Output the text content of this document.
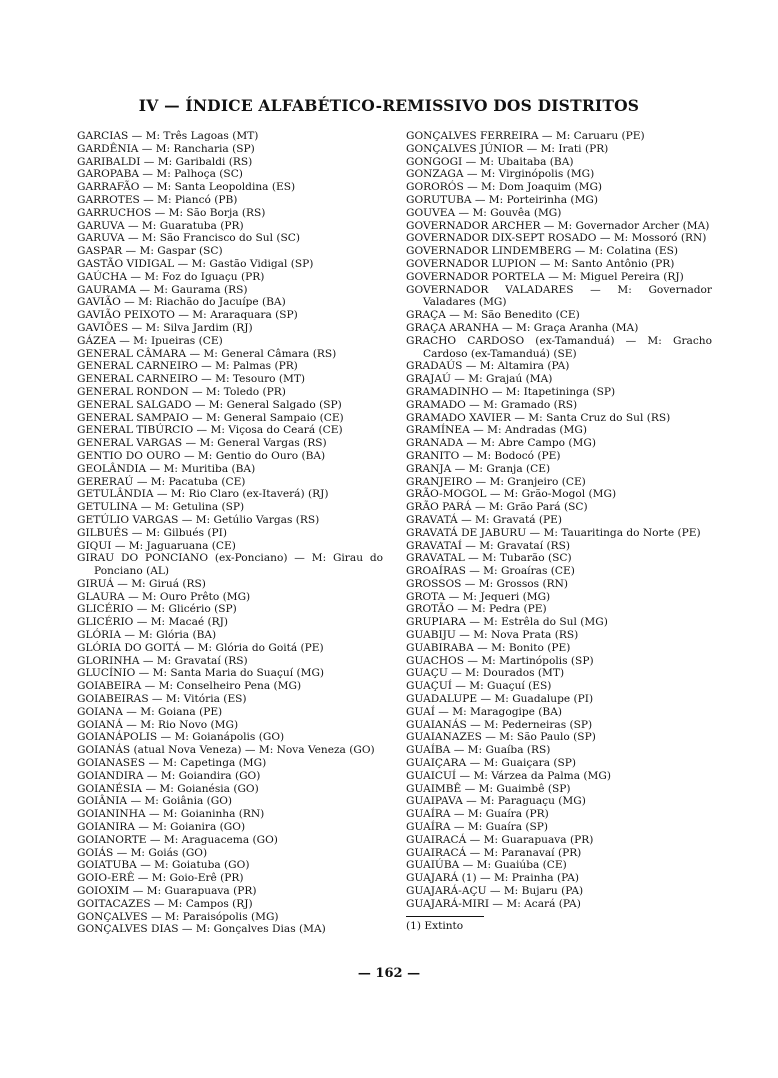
IV — ÍNDICE ALFABÉTICO-REMISSIVO DOS DISTRITOS
GARCIAS — M: Três Lagoas (MT)
GARDÊNIA — M: Rancharia (SP)
GARIBALDI — M: Garibaldi (RS)
GAROPABA — M: Palhoça (SC)
GARRAFÃO — M: Santa Leopoldina (ES)
GARROTES — M: Piancó (PB)
GARRUCHOS — M: São Borja (RS)
GARUVA — M: Guaratuba (PR)
GARUVA — M: São Francisco do Sul (SC)
GASPAR — M: Gaspar (SC)
GASTÃO VIDIGAL — M: Gastão Vidigal (SP)
GAÚCHA — M: Foz do Iguaçu (PR)
GAURAMA — M: Gaurama (RS)
GAVIÃO — M: Riachão do Jacuípe (BA)
GAVIÃO PEIXOTO — M: Araraquara (SP)
GAVIÕES — M: Silva Jardim (RJ)
GÁZEA — M: Ipueiras (CE)
GENERAL CÂMARA — M: General Câmara (RS)
GENERAL CARNEIRO — M: Palmas (PR)
GENERAL CARNEIRO — M: Tesouro (MT)
GENERAL RONDON — M: Toledo (PR)
GENERAL SALGADO — M: General Salgado (SP)
GENERAL SAMPAIO — M: General Sampaio (CE)
GENERAL TIBÚRCIO — M: Viçosa do Ceará (CE)
GENERAL VARGAS — M: General Vargas (RS)
GENTIO DO OURO — M: Gentio do Ouro (BA)
GEOLÂNDIA — M: Muritiba (BA)
GERERAÚ — M: Pacatuba (CE)
GETULÂNDIA — M: Rio Claro (ex-Itaverá) (RJ)
GETULINA — M: Getulina (SP)
GETÚLIO VARGAS — M: Getúlio Vargas (RS)
GILBUÉS — M: Gilbués (PI)
GIQUI — M: Jaguaruana (CE)
GIRAU DO PONCIANO (ex-Ponciano) — M: Girau do Ponciano (AL)
GIRUÁ — M: Giruá (RS)
GLAURA — M: Ouro Prêto (MG)
GLICÉRIO — M: Glicério (SP)
GLICÉRIO — M: Macaé (RJ)
GLÓRIA — M: Glória (BA)
GLÓRIA DO GOITÁ — M: Glória do Goitá (PE)
GLORINHA — M: Gravataí (RS)
GLUCÍNIO — M: Santa Maria do Suaçuí (MG)
GOIABEIRA — M: Conselheiro Pena (MG)
GOIABEIRAS — M: Vitória (ES)
GOIANA — M: Goiana (PE)
GOIANÁ — M: Rio Novo (MG)
GOIANÁPOLIS — M: Goianápolis (GO)
GOIANÁS (atual Nova Veneza) — M: Nova Veneza (GO)
GOIANASES — M: Capetinga (MG)
GOIANDIRA — M: Goiandira (GO)
GOIANÉSIA — M: Goianésia (GO)
GOIÂNIA — M: Goiânia (GO)
GOIANINHA — M: Goianinha (RN)
GOIANIRA — M: Goianira (GO)
GOIANORTE — M: Araguacema (GO)
GOIÁS — M: Goiás (GO)
GOIATUBA — M: Goiatuba (GO)
GOIO-ERÊ — M: Goio-Erê (PR)
GOIOXIM — M: Guarapuava (PR)
GOITACAZES — M: Campos (RJ)
GONÇALVES — M: Paraisópolis (MG)
GONÇALVES DIAS — M: Gonçalves Dias (MA)
GONÇALVES FERREIRA — M: Caruaru (PE)
GONÇALVES JÚNIOR — M: Irati (PR)
GONGOGI — M: Ubaitaba (BA)
GONZAGA — M: Virginópolis (MG)
GORORÓS — M: Dom Joaquim (MG)
GORUTUBA — M: Porteirinha (MG)
GOUVEA — M: Gouvêa (MG)
GOVERNADOR ARCHER — M: Governador Archer (MA)
GOVERNADOR DIX-SEPT ROSADO — M: Mossoró (RN)
GOVERNADOR LINDEMBERG — M: Colatina (ES)
GOVERNADOR LUPION — M: Santo Antônio (PR)
GOVERNADOR PORTELA — M: Miguel Pereira (RJ)
GOVERNADOR VALADARES — M: Governador Valadares (MG)
GRAÇA — M: São Benedito (CE)
GRAÇA ARANHA — M: Graça Aranha (MA)
GRACHO CARDOSO (ex-Tamanduá) — M: Gracho Cardoso (ex-Tamanduá) (SE)
GRADAÚS — M: Altamira (PA)
GRAJAÚ — M: Grajaú (MA)
GRAMADINHO — M: Itapetininga (SP)
GRAMADO — M: Gramado (RS)
GRAMADO XAVIER — M: Santa Cruz do Sul (RS)
GRAMÍNEA — M: Andradas (MG)
GRANADA — M: Abre Campo (MG)
GRANITO — M: Bodocó (PE)
GRANJA — M: Granja (CE)
GRANJEIRO — M: Granjeiro (CE)
GRÃO-MOGOL — M: Grão-Mogol (MG)
GRÃO PARÁ — M: Grão Pará (SC)
GRAVATÁ — M: Gravatá (PE)
GRAVATÁ DE JABURU — M: Tauaritinga do Norte (PE)
GRAVATAÍ — M: Gravataí (RS)
GRAVATAL — M: Tubarão (SC)
GROAÍRAS — M: Groaíras (CE)
GROSSOS — M: Grossos (RN)
GROTA — M: Jequeri (MG)
GROTÃO — M: Pedra (PE)
GRUPIARA — M: Estrêla do Sul (MG)
GUABIJU — M: Nova Prata (RS)
GUABIRABA — M: Bonito (PE)
GUACHOS — M: Martinópolis (SP)
GUAÇU — M: Dourados (MT)
GUAÇUÍ — M: Guaçuí (ES)
GUADALUPE — M: Guadalupe (PI)
GUAÍ — M: Maragogipe (BA)
GUAIANÁS — M: Pederneiras (SP)
GUAIANAZES — M: São Paulo (SP)
GUAÍBA — M: Guaíba (RS)
GUAIÇARA — M: Guaiçara (SP)
GUAICUÍ — M: Várzea da Palma (MG)
GUAIMBÊ — M: Guaimbê (SP)
GUAIPAVA — M: Paraguaçu (MG)
GUAÍRA — M: Guaíra (PR)
GUAÍRA — M: Guaíra (SP)
GUAIRACÁ — M: Guarapuava (PR)
GUAIRACÁ — M: Paranavaí (PR)
GUAIÚBA — M: Guaiúba (CE)
GUAJARÁ (1) — M: Prainha (PA)
GUAJARÁ-AÇU — M: Bujaru (PA)
GUAJARÁ-MIRI — M: Acará (PA)
(1) Extinto
— 162 —
